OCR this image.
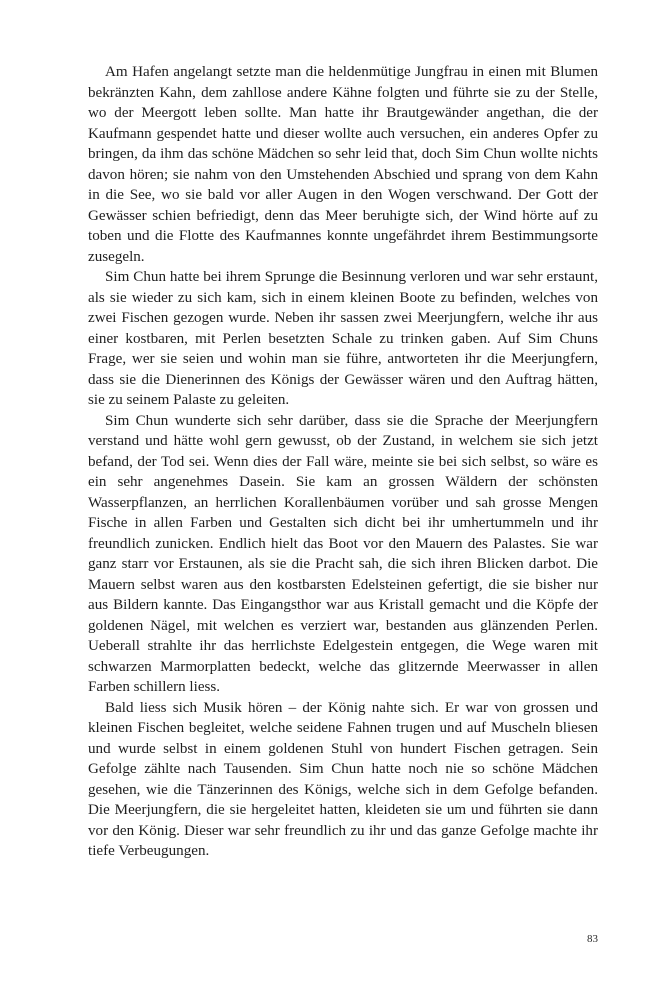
Am Hafen angelangt setzte man die heldenmütige Jungfrau in einen mit Blumen bekränzten Kahn, dem zahllose andere Kähne folgten und führte sie zu der Stelle, wo der Meergott leben sollte. Man hatte ihr Brautgewänder angethan, die der Kaufmann gespendet hatte und dieser wollte auch versuchen, ein anderes Opfer zu bringen, da ihm das schöne Mädchen so sehr leid that, doch Sim Chun wollte nichts davon hören; sie nahm von den Umstehenden Abschied und sprang von dem Kahn in die See, wo sie bald vor aller Augen in den Wogen verschwand. Der Gott der Gewässer schien befriedigt, denn das Meer beruhigte sich, der Wind hörte auf zu toben und die Flotte des Kaufmannes konnte ungefährdet ihrem Bestimmungsorte zusegeln.

Sim Chun hatte bei ihrem Sprunge die Besinnung verloren und war sehr erstaunt, als sie wieder zu sich kam, sich in einem kleinen Boote zu befinden, welches von zwei Fischen gezogen wurde. Neben ihr sassen zwei Meerjungfern, welche ihr aus einer kostbaren, mit Perlen besetzten Schale zu trinken gaben. Auf Sim Chuns Frage, wer sie seien und wohin man sie führe, antworteten ihr die Meerjungfern, dass sie die Dienerinnen des Königs der Gewässer wären und den Auftrag hätten, sie zu seinem Palaste zu geleiten.

Sim Chun wunderte sich sehr darüber, dass sie die Sprache der Meerjungfern verstand und hätte wohl gern gewusst, ob der Zustand, in welchem sie sich jetzt befand, der Tod sei. Wenn dies der Fall wäre, meinte sie bei sich selbst, so wäre es ein sehr angenehmes Dasein. Sie kam an grossen Wäldern der schönsten Wasserpflanzen, an herrlichen Korallenbäumen vorüber und sah grosse Mengen Fische in allen Farben und Gestalten sich dicht bei ihr umhertummeln und ihr freundlich zunicken. Endlich hielt das Boot vor den Mauern des Palastes. Sie war ganz starr vor Erstaunen, als sie die Pracht sah, die sich ihren Blicken darbot. Die Mauern selbst waren aus den kostbarsten Edelsteinen gefertigt, die sie bisher nur aus Bildern kannte. Das Eingangsthor war aus Kristall gemacht und die Köpfe der goldenen Nägel, mit welchen es verziert war, bestanden aus glänzenden Perlen. Ueberall strahlte ihr das herrlichste Edelgestein entgegen, die Wege waren mit schwarzen Marmorplatten bedeckt, welche das glitzernde Meerwasser in allen Farben schillern liess.

Bald liess sich Musik hören – der König nahte sich. Er war von grossen und kleinen Fischen begleitet, welche seidene Fahnen trugen und auf Muscheln bliesen und wurde selbst in einem goldenen Stuhl von hundert Fischen getragen. Sein Gefolge zählte nach Tausenden. Sim Chun hatte noch nie so schöne Mädchen gesehen, wie die Tänzerinnen des Königs, welche sich in dem Gefolge befanden. Die Meerjungfern, die sie hergeleitet hatten, kleideten sie um und führten sie dann vor den König. Dieser war sehr freundlich zu ihr und das ganze Gefolge machte ihr tiefe Verbeugungen.

83
